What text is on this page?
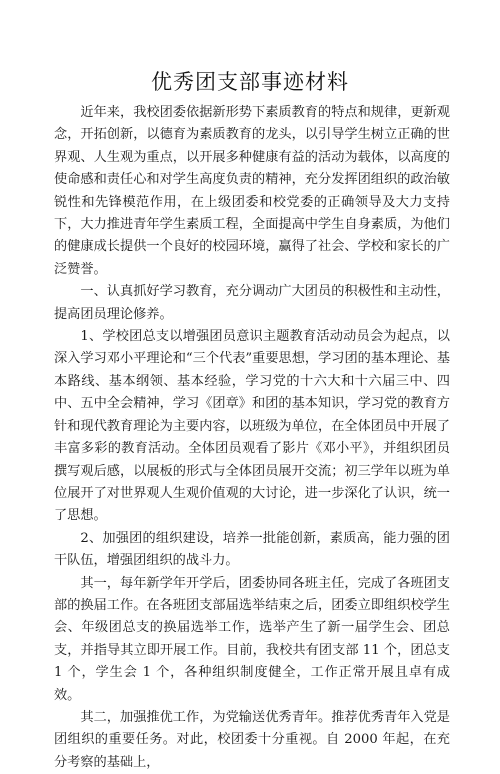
优秀团支部事迹材料

近年来，我校团委依据新形势下素质教育的特点和规律，更新观念，开拓创新，以德育为素质教育的龙头，以引导学生树立正确的世界观、人生观为重点，以开展多种健康有益的活动为载体，以高度的使命感和责任心和对学生高度负责的精神，充分发挥团组织的政治敏锐性和先锋模范作用，在上级团委和校党委的正确领导及大力支持下，大力推进青年学生素质工程，全面提高中学生自身素质，为他们的健康成长提供一个良好的校园环境，赢得了社会、学校和家长的广泛赞誉。

一、认真抓好学习教育，充分调动广大团员的积极性和主动性，提高团员理论修养。

1、学校团总支以增强团员意识主题教育活动动员会为起点，以深入学习邓小平理论和“三个代表”重要思想，学习团的基本理论、基本路线、基本纲领、基本经验，学习党的十六大和十六届三中、四中、五中全会精神，学习《团章》和团的基本知识，学习党的教育方针和现代教育理论为主要内容，以班级为单位，在全体团员中开展了丰富多彩的教育活动。全体团员观看了影片《邓小平》，并组织团员撰写观后感，以展板的形式与全体团员展开交流；初三学年以班为单位展开了对世界观人生观价值观的大讨论，进一步深化了认识，统一了思想。

2、加强团的组织建设，培养一批能创新，素质高，能力强的团干队伍，增强团组织的战斗力。

其一，每年新学年开学后，团委协同各班主任，完成了各班团支部的换届工作。在各班团支部届选举结束之后，团委立即组织校学生会、年级团总支的换届选举工作，选举产生了新一届学生会、团总支，并指导其立即开展工作。目前，我校共有团支部 11 个，团总支 1 个，学生会 1 个，各种组织制度健全，工作正常开展且卓有成效。

其二，加强推优工作，为党输送优秀青年。推荐优秀青年入党是团组织的重要任务。对此，校团委十分重视。自 2000 年起，在充分考察的基础上，
